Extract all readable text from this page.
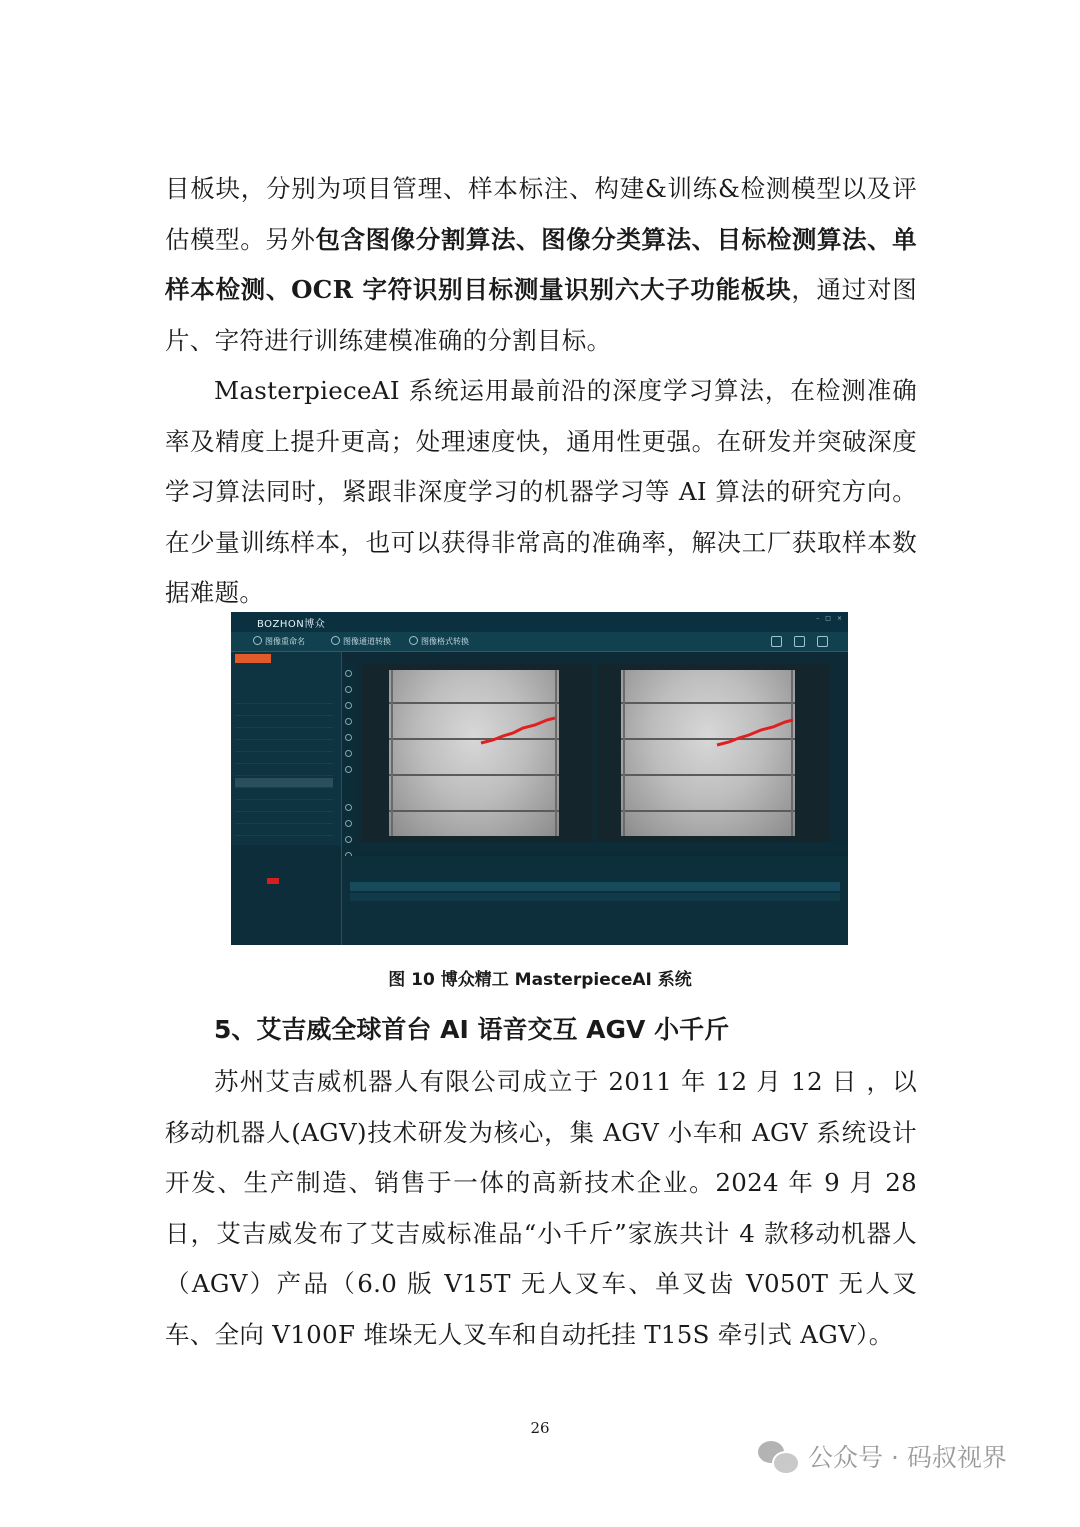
目板块，分别为项目管理、样本标注、构建&训练&检测模型以及评估模型。另外包含图像分割算法、图像分类算法、目标检测算法、单样本检测、OCR 字符识别目标测量识别六大子功能板块，通过对图片、字符进行训练建模准确的分割目标。

MasterpieceAI 系统运用最前沿的深度学习算法，在检测准确率及精度上提升更高；处理速度快，通用性更强。在研发并突破深度学习算法同时，紧跟非深度学习的机器学习等 AI 算法的研究方向。在少量训练样本，也可以获得非常高的准确率，解决工厂获取样本数据难题。

BOZHON博众
– □ ×
图像重命名	图像通道转换	图像格式转换
图 10 博众精工 MasterpieceAI 系统
5、艾吉威全球首台 AI 语音交互 AGV 小千斤

苏州艾吉威机器人有限公司成立于 2011 年 12 月 12 日 ，以移动机器人(AGV)技术研发为核心，集 AGV 小车和 AGV 系统设计开发、生产制造、销售于一体的高新技术企业。2024 年 9 月 28 日，艾吉威发布了艾吉威标准品“小千斤”家族共计 4 款移动机器人（AGV）产品（6.0 版 V15T 无人叉车、单叉齿 V050T 无人叉车、全向 V100F 堆垛无人叉车和自动托挂 T15S 牵引式 AGV）。

26
公众号 · 码叔视界
